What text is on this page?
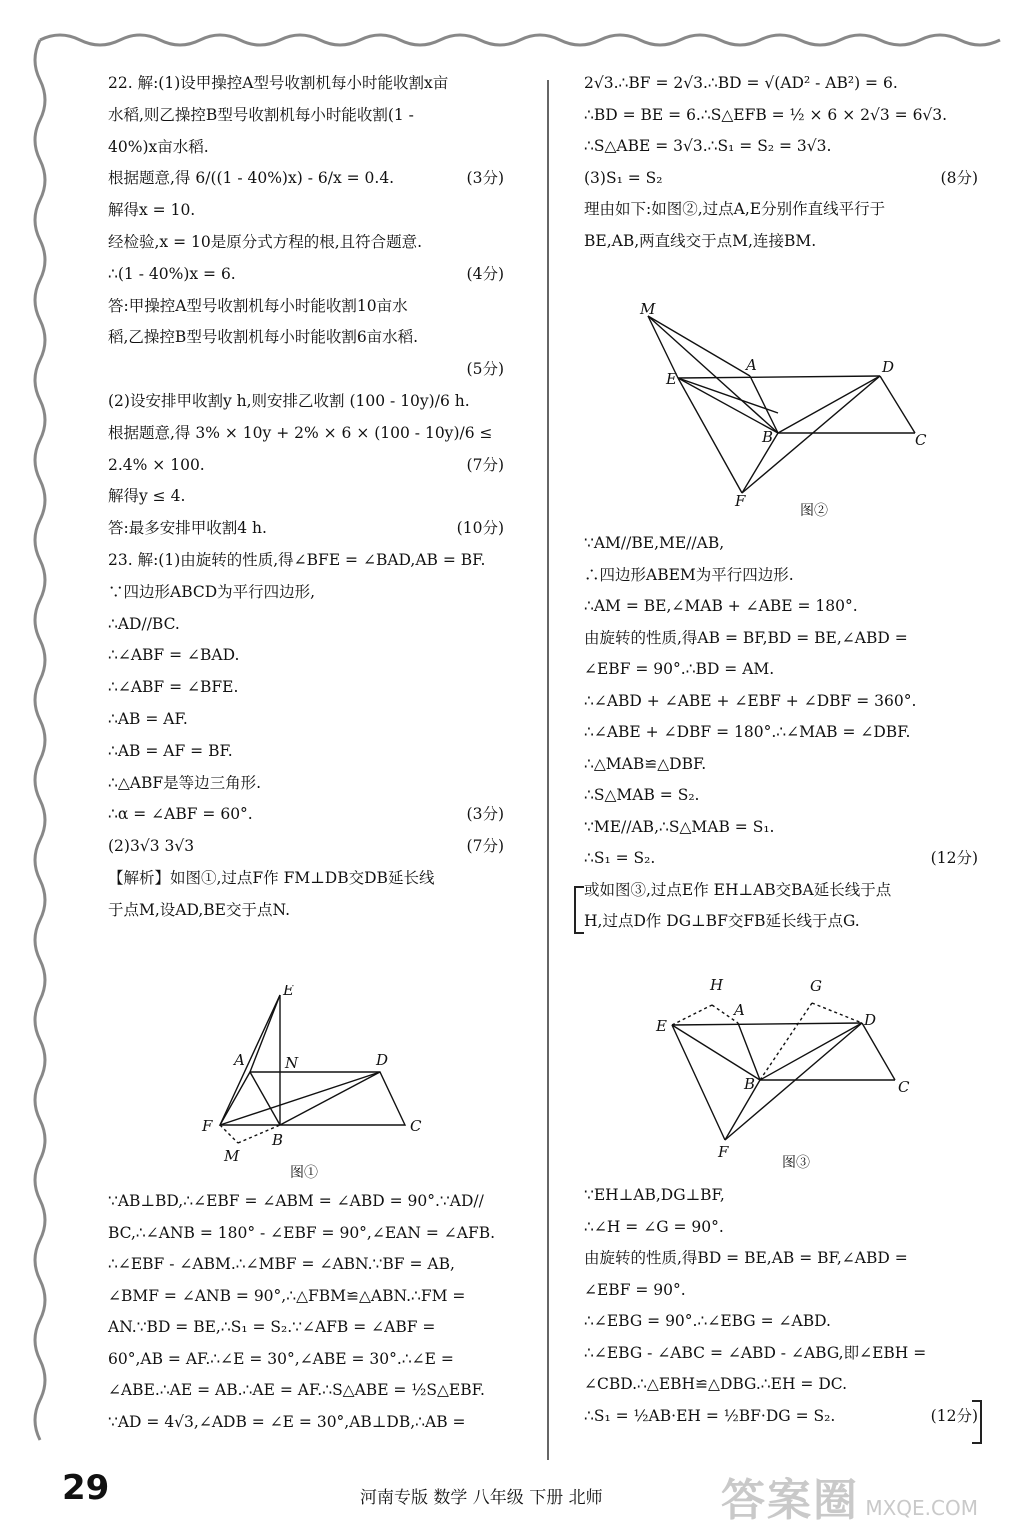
22. 解:(1)设甲操控A型号收割机每小时能收割x亩
水稻,则乙操控B型号收割机每小时能收割(1 -
40%)x亩水稻.
根据题意,得 6/((1 - 40%)x) - 6/x = 0.4.	(3分)
解得x = 10.
经检验,x = 10是原分式方程的根,且符合题意.
∴(1 - 40%)x = 6.	(4分)
答:甲操控A型号收割机每小时能收割10亩水
稻,乙操控B型号收割机每小时能收割6亩水稻.
(5分)
(2)设安排甲收割y h,则安排乙收割 (100 - 10y)/6 h.
根据题意,得 3% × 10y + 2% × 6 × (100 - 10y)/6 ≤
2.4% × 100.	(7分)
解得y ≤ 4.
答:最多安排甲收割4 h.	(10分)
23. 解:(1)由旋转的性质,得∠BFE = ∠BAD,AB = BF.
∵四边形ABCD为平行四边形,
∴AD//BC.
∴∠ABF = ∠BAD.
∴∠ABF = ∠BFE.
∴AB = AF.
∴AB = AF = BF.
∴△ABF是等边三角形.
∴α = ∠ABF = 60°.	(3分)
(2)3√3 3√3	(7分)
【解析】如图①,过点F作 FM⊥DB交DB延长线
于点M,设AD,BE交于点N.
E
A	N	D
F
B
C
M
图①
∵AB⊥BD,∴∠EBF = ∠ABM = ∠ABD = 90°.∵AD//
BC,∴∠ANB = 180° - ∠EBF = 90°,∠EAN = ∠AFB.
∴∠EBF - ∠ABM.∴∠MBF = ∠ABN.∵BF = AB,
∠BMF = ∠ANB = 90°,∴△FBM≌△ABN.∴FM =
AN.∵BD = BE,∴S₁ = S₂.∵∠AFB = ∠ABF =
60°,AB = AF.∴∠E = 30°,∠ABE = 30°.∴∠E =
∠ABE.∴AE = AB.∴AE = AF.∴S△ABE = ½S△EBF.
∵AD = 4√3,∠ADB = ∠E = 30°,AB⊥DB,∴AB =
2√3.∴BF = 2√3.∴BD = √(AD² - AB²) = 6.
∴BD = BE = 6.∴S△EFB = ½ × 6 × 2√3 = 6√3.
∴S△ABE = 3√3.∴S₁ = S₂ = 3√3.
(3)S₁ = S₂	(8分)
理由如下:如图②,过点A,E分别作直线平行于
BE,AB,两直线交于点M,连接BM.
M
A
E
D
B	C
F
图②
∵AM//BE,ME//AB,
∴四边形ABEM为平行四边形.
∴AM = BE,∠MAB + ∠ABE = 180°.
由旋转的性质,得AB = BF,BD = BE,∠ABD =
∠EBF = 90°.∴BD = AM.
∴∠ABD + ∠ABE + ∠EBF + ∠DBF = 360°.
∴∠ABE + ∠DBF = 180°.∴∠MAB = ∠DBF.
∴△MAB≌△DBF.
∴S△MAB = S₂.
∵ME//AB,∴S△MAB = S₁.
∴S₁ = S₂.	(12分)
或如图③,过点E作 EH⊥AB交BA延长线于点
H,过点D作 DG⊥BF交FB延长线于点G.
H	G
E
A
D
B	C
F
图③
∵EH⊥AB,DG⊥BF,
∴∠H = ∠G = 90°.
由旋转的性质,得BD = BE,AB = BF,∠ABD =
∠EBF = 90°.
∴∠EBG = 90°.∴∠EBG = ∠ABD.
∴∠EBG - ∠ABC = ∠ABD - ∠ABG,即∠EBH =
∠CBD.∴△EBH≌△DBG.∴EH = DC.
∴S₁ = ½AB·EH = ½BF·DG = S₂.	(12分)
29	河南专版 数学 八年级 下册 北师	答案圈 MXQE.COM
